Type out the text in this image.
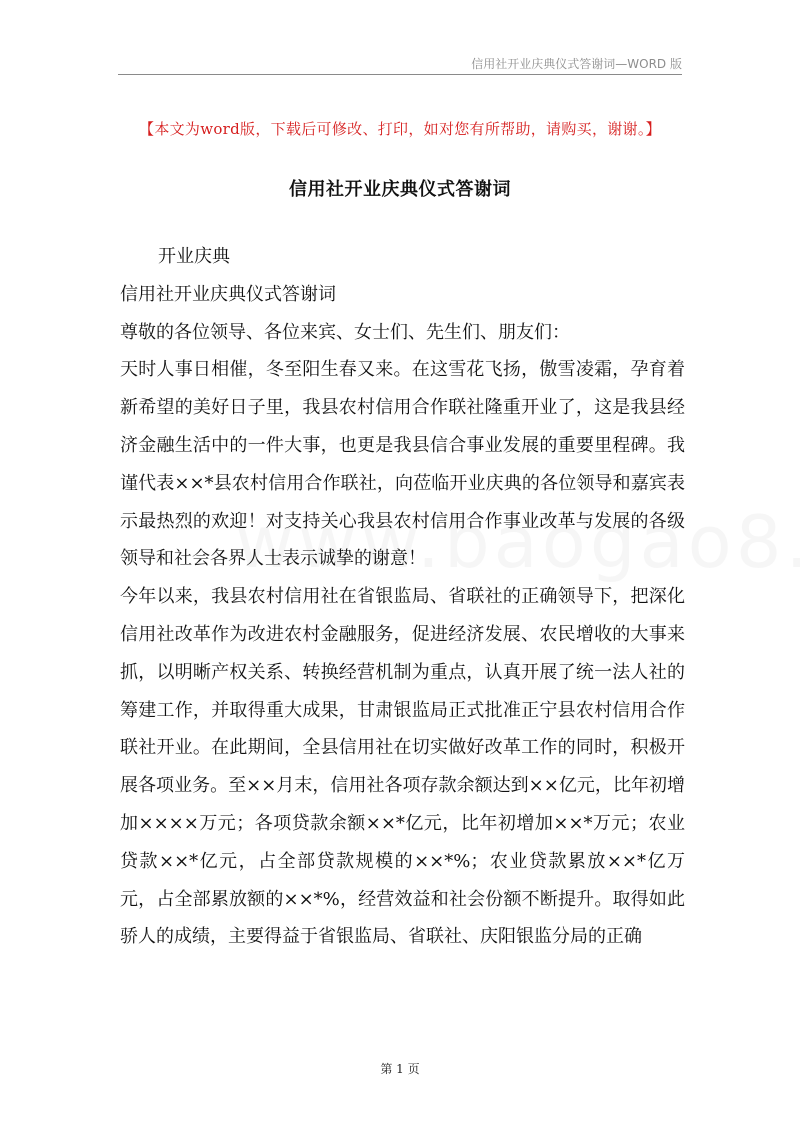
信用社开业庆典仪式答谢词—WORD 版
【本文为word版，下载后可修改、打印，如对您有所帮助，请购买，谢谢。】
信用社开业庆典仪式答谢词

开业庆典

信用社开业庆典仪式答谢词

尊敬的各位领导、各位来宾、女士们、先生们、朋友们：

天时人事日相催，冬至阳生春又来。在这雪花飞扬，傲雪凌霜，孕育着新希望的美好日子里，我县农村信用合作联社隆重开业了，这是我县经济金融生活中的一件大事，也更是我县信合事业发展的重要里程碑。我谨代表××*县农村信用合作联社，向莅临开业庆典的各位领导和嘉宾表示最热烈的欢迎！对支持关心我县农村信用合作事业改革与发展的各级领导和社会各界人士表示诚挚的谢意！

今年以来，我县农村信用社在省银监局、省联社的正确领导下，把深化信用社改革作为改进农村金融服务，促进经济发展、农民增收的大事来抓，以明晰产权关系、转换经营机制为重点，认真开展了统一法人社的筹建工作，并取得重大成果，甘肃银监局正式批准正宁县农村信用合作联社开业。在此期间，全县信用社在切实做好改革工作的同时，积极开展各项业务。至××月末，信用社各项存款余额达到××亿元，比年初增加××××万元；各项贷款余额××*亿元，比年初增加××*万元；农业贷款××*亿元，占全部贷款规模的××*%；农业贷款累放××*亿万元，占全部累放额的××*%，经营效益和社会份额不断提升。取得如此骄人的成绩，主要得益于省银监局、省联社、庆阳银监分局的正确

第 1 页
